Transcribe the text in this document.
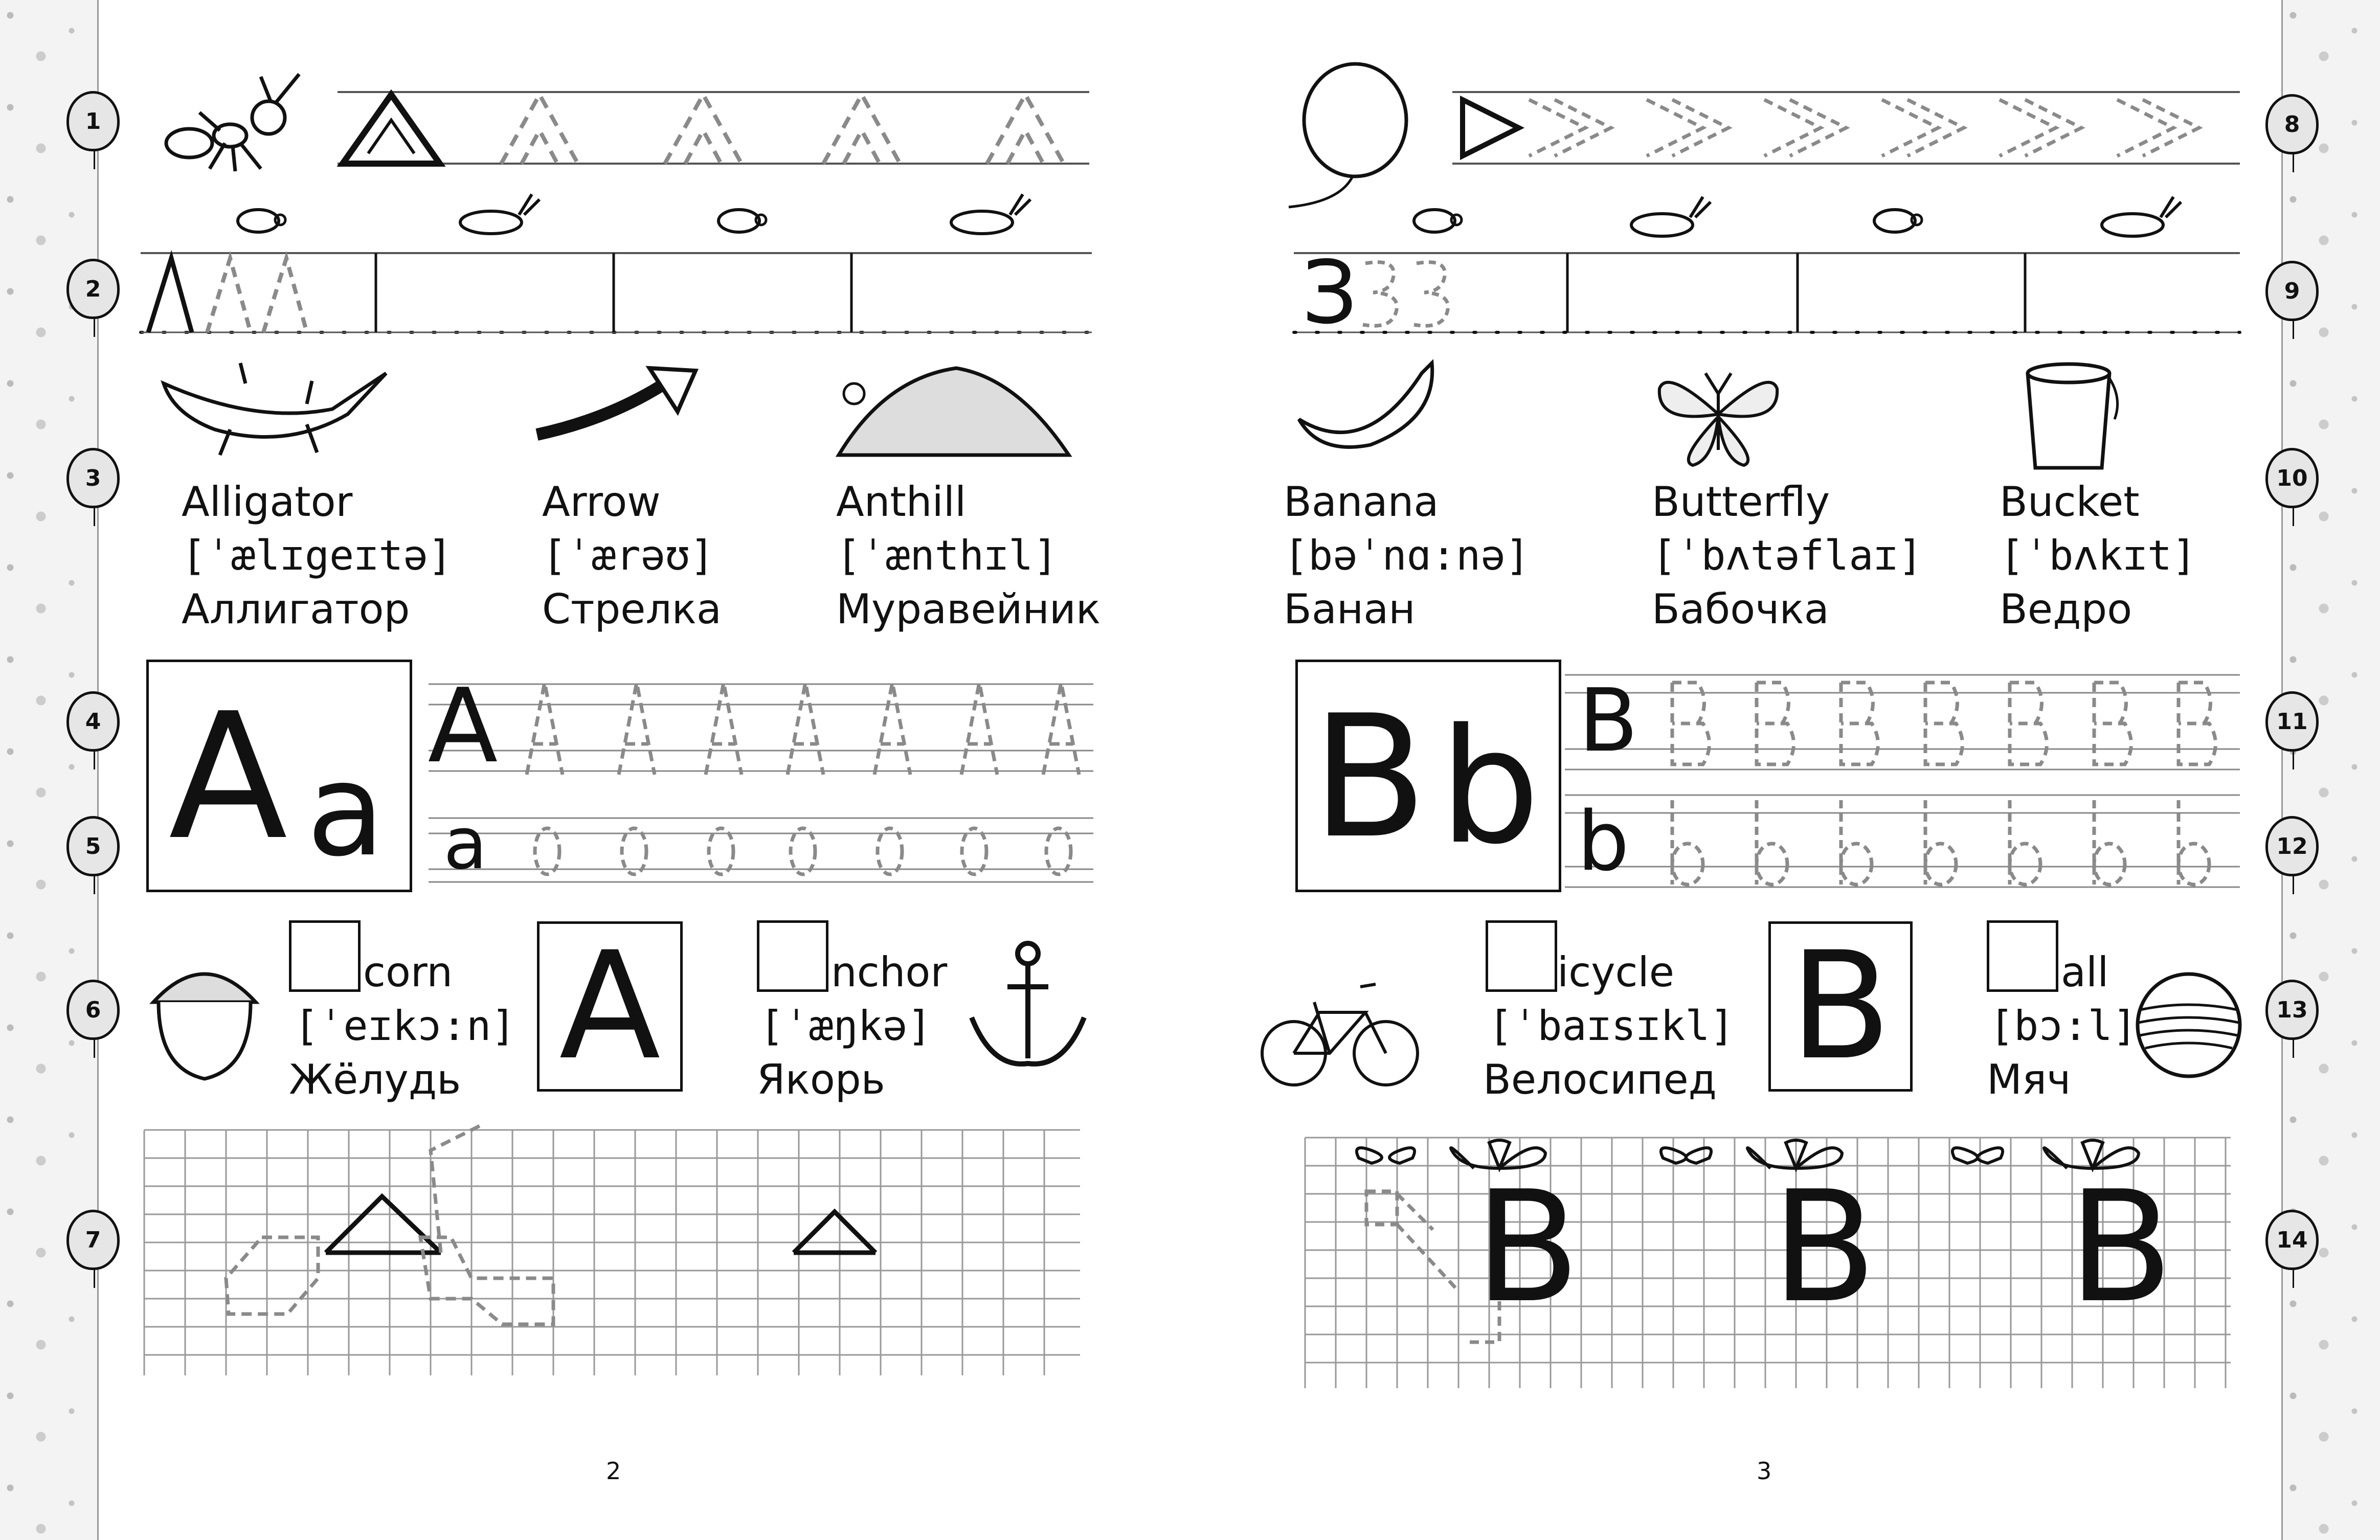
1
2
3
4
5
6
7
8
9
10
11
12
13
14
Alligator
[ˈælɪgeɪtə]
Аллигатор
Arrow
[ˈærəʊ]
Стрелка
Anthill
[ˈænthɪl]
Муравейник
A a
A
a
corn
[ˈeɪkɔ:n]
Жёлудь A	nchor
[ˈæŋkə]
Якорь
2
З
Banana
[bəˈnɑ:nə]
Банан
Butterfly
[ˈbʌtəflaɪ]
Бабочка
Bucket
[ˈbʌkɪt]
Ведро
B b B
b
icycle
[ˈbaɪsɪkl]
Велосипед B	all
[bɔ:l]
Мяч
B B B
3
